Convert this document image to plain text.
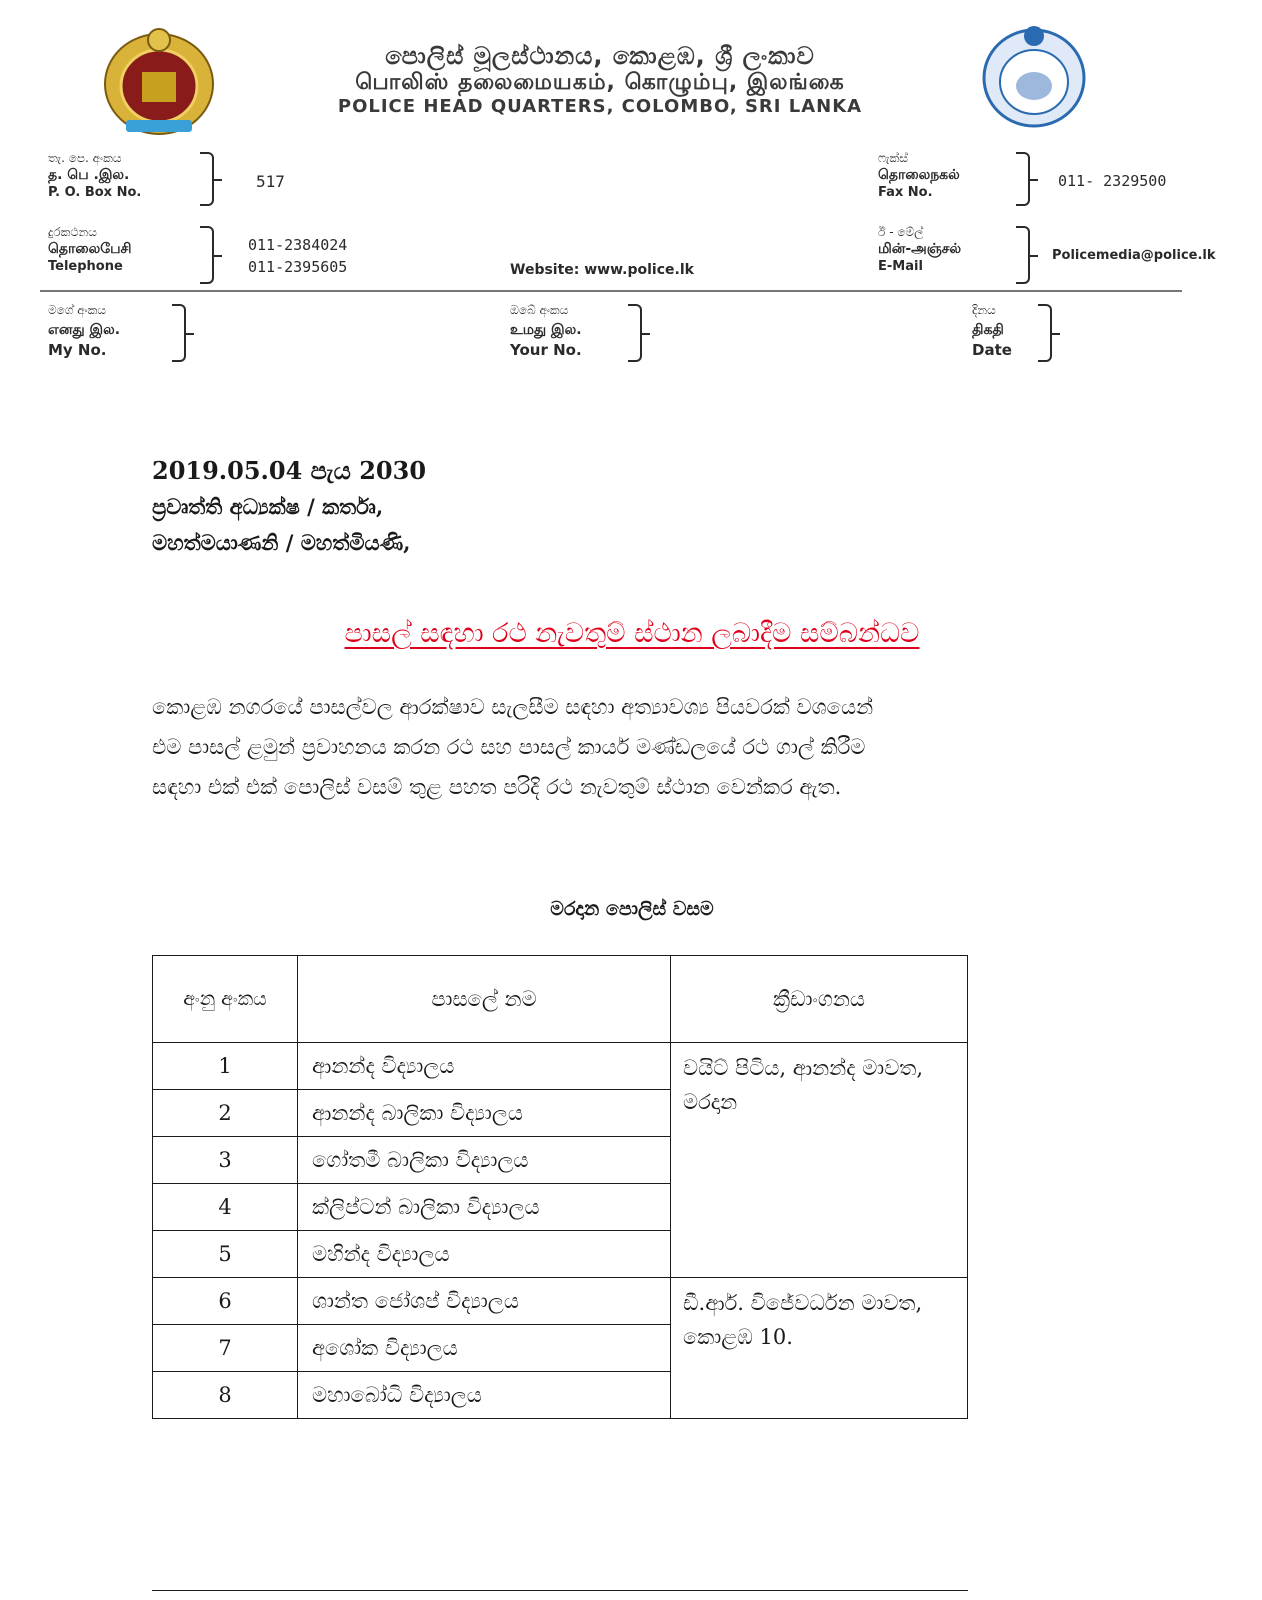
පොලිස් මූලස්ථානය, කොළඹ, ශ්‍රී ලංකාව
பொலிஸ் தலைமையகம், கொழும்பு, இலங்கை
POLICE HEAD QUARTERS, COLOMBO, SRI LANKA
තැ. පෙ. අංකය
த. பெ .இல.
P. O. Box No.
517
ෆැක්ස්
தொலைநகல்
Fax No.
011- 2329500
දුරකථනය
தொலைபேசி
Telephone
011-2384024
011-2395605	Website: www.police.lk
ඊ - මේල්
மின்-அஞ்சல்
E-Mail
Policemedia@police.lk
මගේ අංකය
எனது இல.
My No.
ඔබේ අංකය
உமது இல.
Your No.
දිනය
திகதி
Date
2019.05.04 පැය 2030
ප්‍රවෘත්ති අධ්‍යක්ෂ / කර්තෘ,
මහත්මයාණනි / මහත්මියණි,
පාසල් සඳහා රථ නැවතුම් ස්ථාන ලබාදීම සම්බන්ධව
කොළඹ නගරයේ පාසල්වල ආරක්ෂාව සැලසීම සඳහා අත්‍යාවශ්‍ය පියවරක් වශයෙන්
එම පාසල් ළමුන් ප්‍රවාහනය කරන රථ සහ පාසල් කාර්ය මණ්ඩලයේ රථ ගාල් කිරීම
සඳහා එක් එක් පොලිස් වසම් තුළ පහත පරිදි රථ නැවතුම් ස්ථාන වෙන්කර ඇත.
මරදාන පොලිස් වසම
අංනු අංකය	පාසලේ නම	ක්‍රීඩාංගනය
1	ආනන්ද විද්‍යාලය	වයිට් පිටිය, ආනන්ද මාවත, මරදාන
2	ආනන්ද බාලිකා විද්‍යාලය	
3	ගෝතමී බාලිකා විද්‍යාලය	
4	ක්ලිප්ටන් බාලිකා විද්‍යාලය	
5	මහින්ද විද්‍යාලය	
6	ශාන්ත ජෝශප් විද්‍යාලය	ඩී.ආර්. විජේවර්ධන මාවත, කොළඹ 10.
7	අශෝක විද්‍යාලය	
8	මහාබෝධි විද්‍යාලය	
